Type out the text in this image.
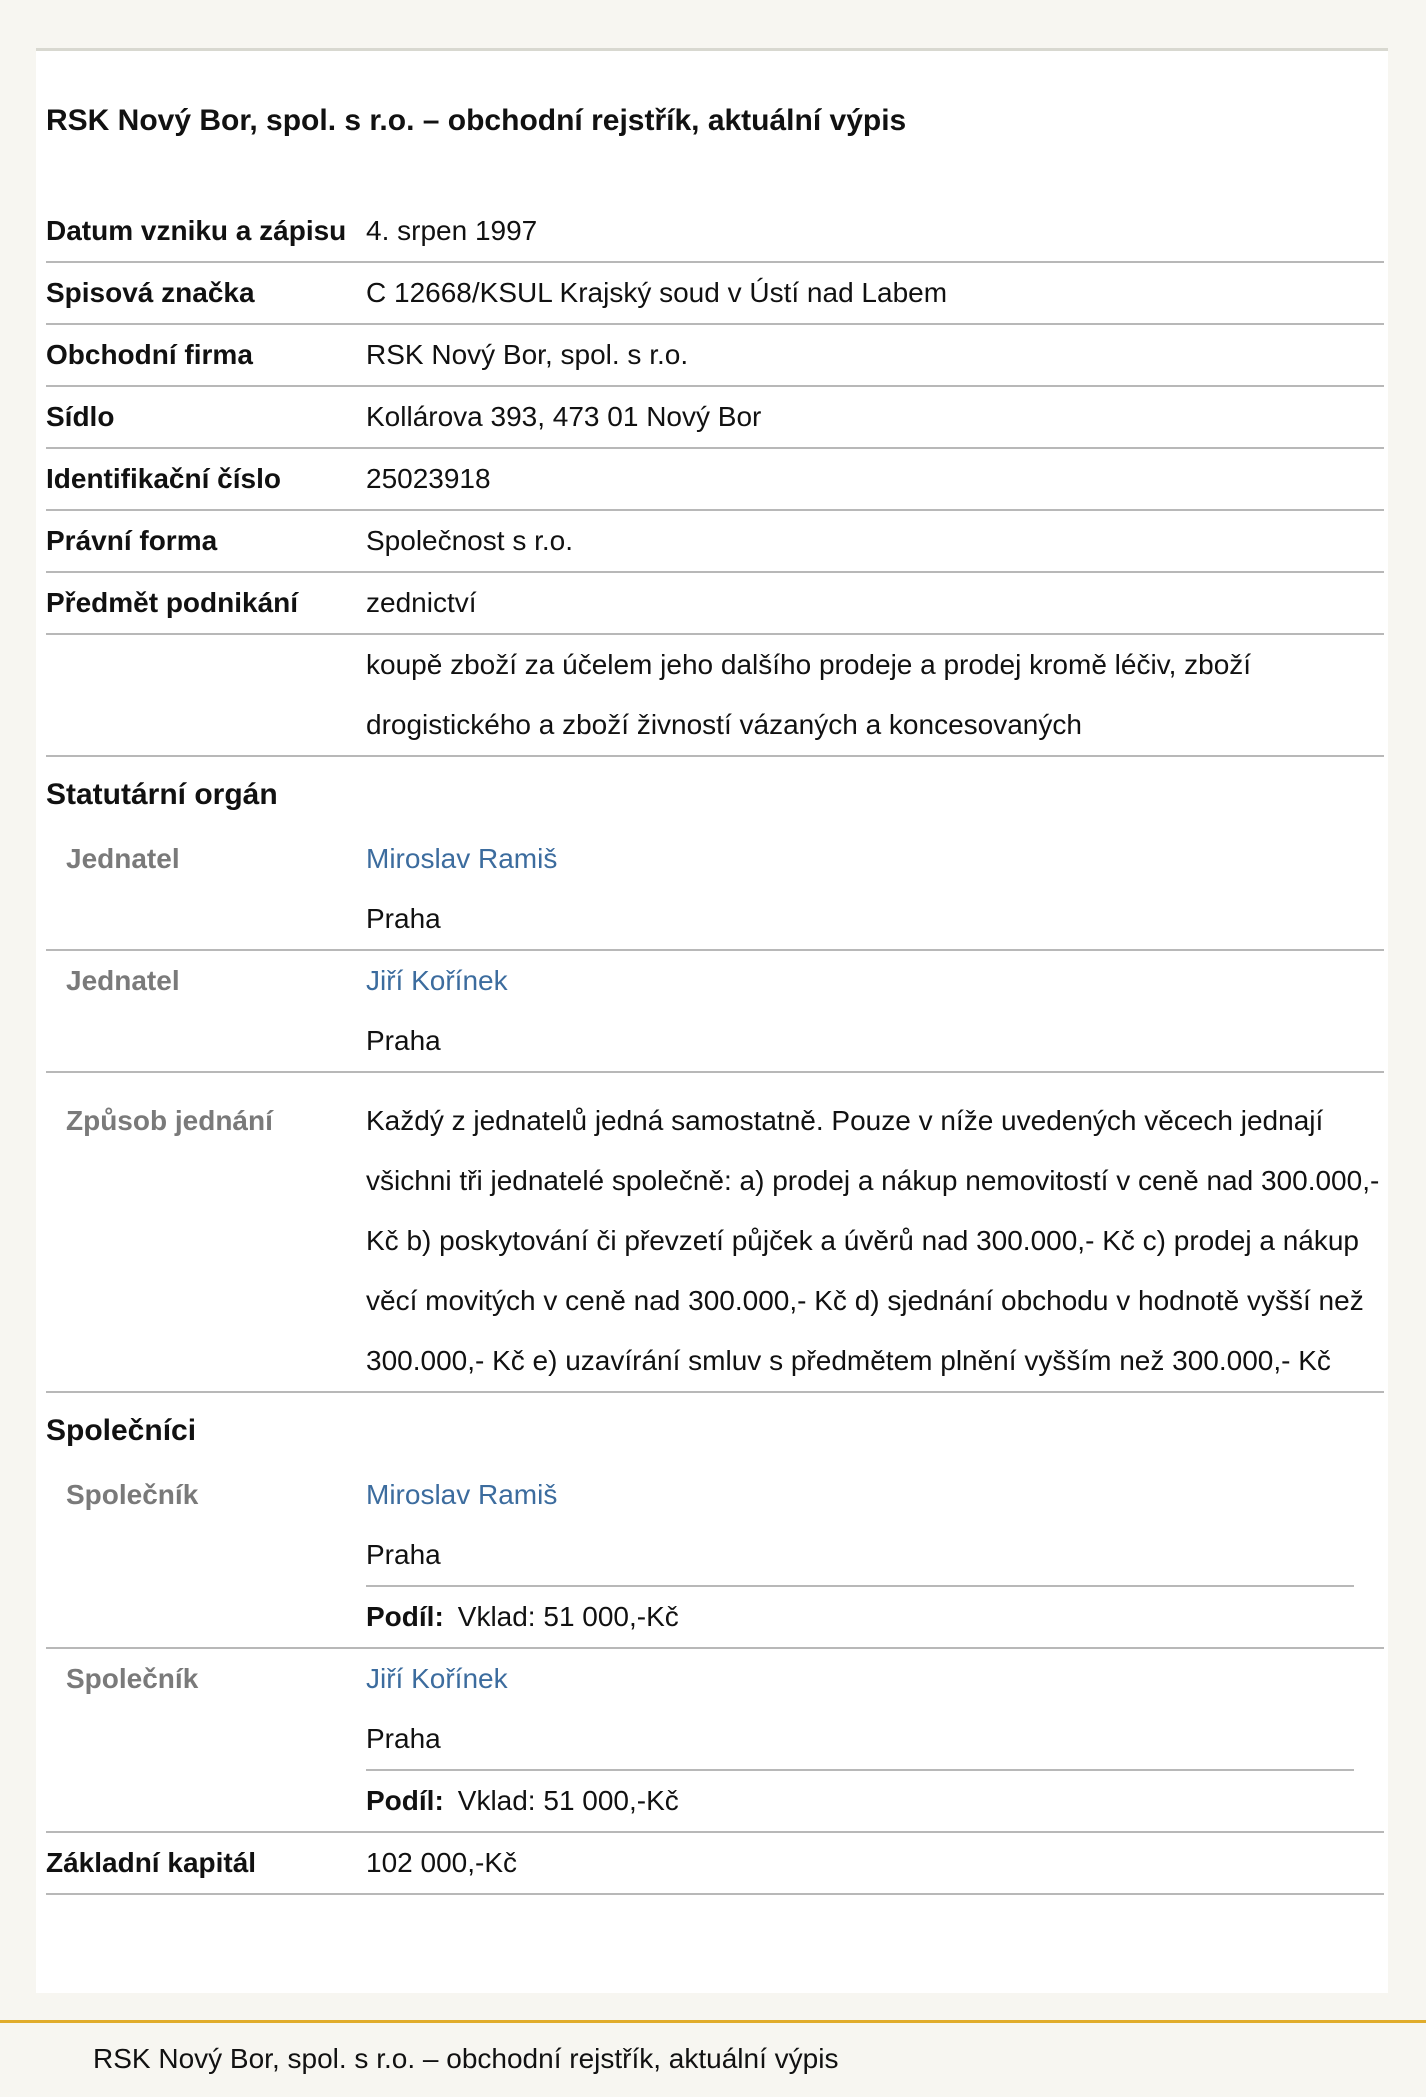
RSK Nový Bor, spol. s r.o. – obchodní rejstřík, aktuální výpis
Datum vzniku a zápisu 4. srpen 1997
Spisová značka	C 12668/KSUL Krajský soud v Ústí nad Labem
Obchodní firma	RSK Nový Bor, spol. s r.o.
Sídlo	Kollárova 393, 473 01 Nový Bor
Identifikační číslo	25023918
Právní forma	Společnost s r.o.
Předmět podnikání	zednictví
koupě zboží za účelem jeho dalšího prodeje a prodej kromě léčiv, zboží drogistického a zboží živností vázaných a koncesovaných
Statutární orgán
Jednatel	Miroslav Ramiš
Praha
Jednatel	Jiří Kořínek
Praha
Způsob jednání	Každý z jednatelů jedná samostatně. Pouze v níže uvedených věcech jednají všichni tři jednatelé společně: a) prodej a nákup nemovitostí v ceně nad 300.000,- Kč b) poskytování či převzetí půjček a úvěrů nad 300.000,- Kč c) prodej a nákup věcí movitých v ceně nad 300.000,- Kč d) sjednání obchodu v hodnotě vyšší než 300.000,- Kč e) uzavírání smluv s předmětem plnění vyšším než 300.000,- Kč
Společníci
Společník	Miroslav Ramiš
Praha
Podíl: Vklad: 51 000,-Kč
Společník	Jiří Kořínek
Praha
Podíl: Vklad: 51 000,-Kč
Základní kapitál	102 000,-Kč
RSK Nový Bor, spol. s r.o. – obchodní rejstřík, aktuální výpis
